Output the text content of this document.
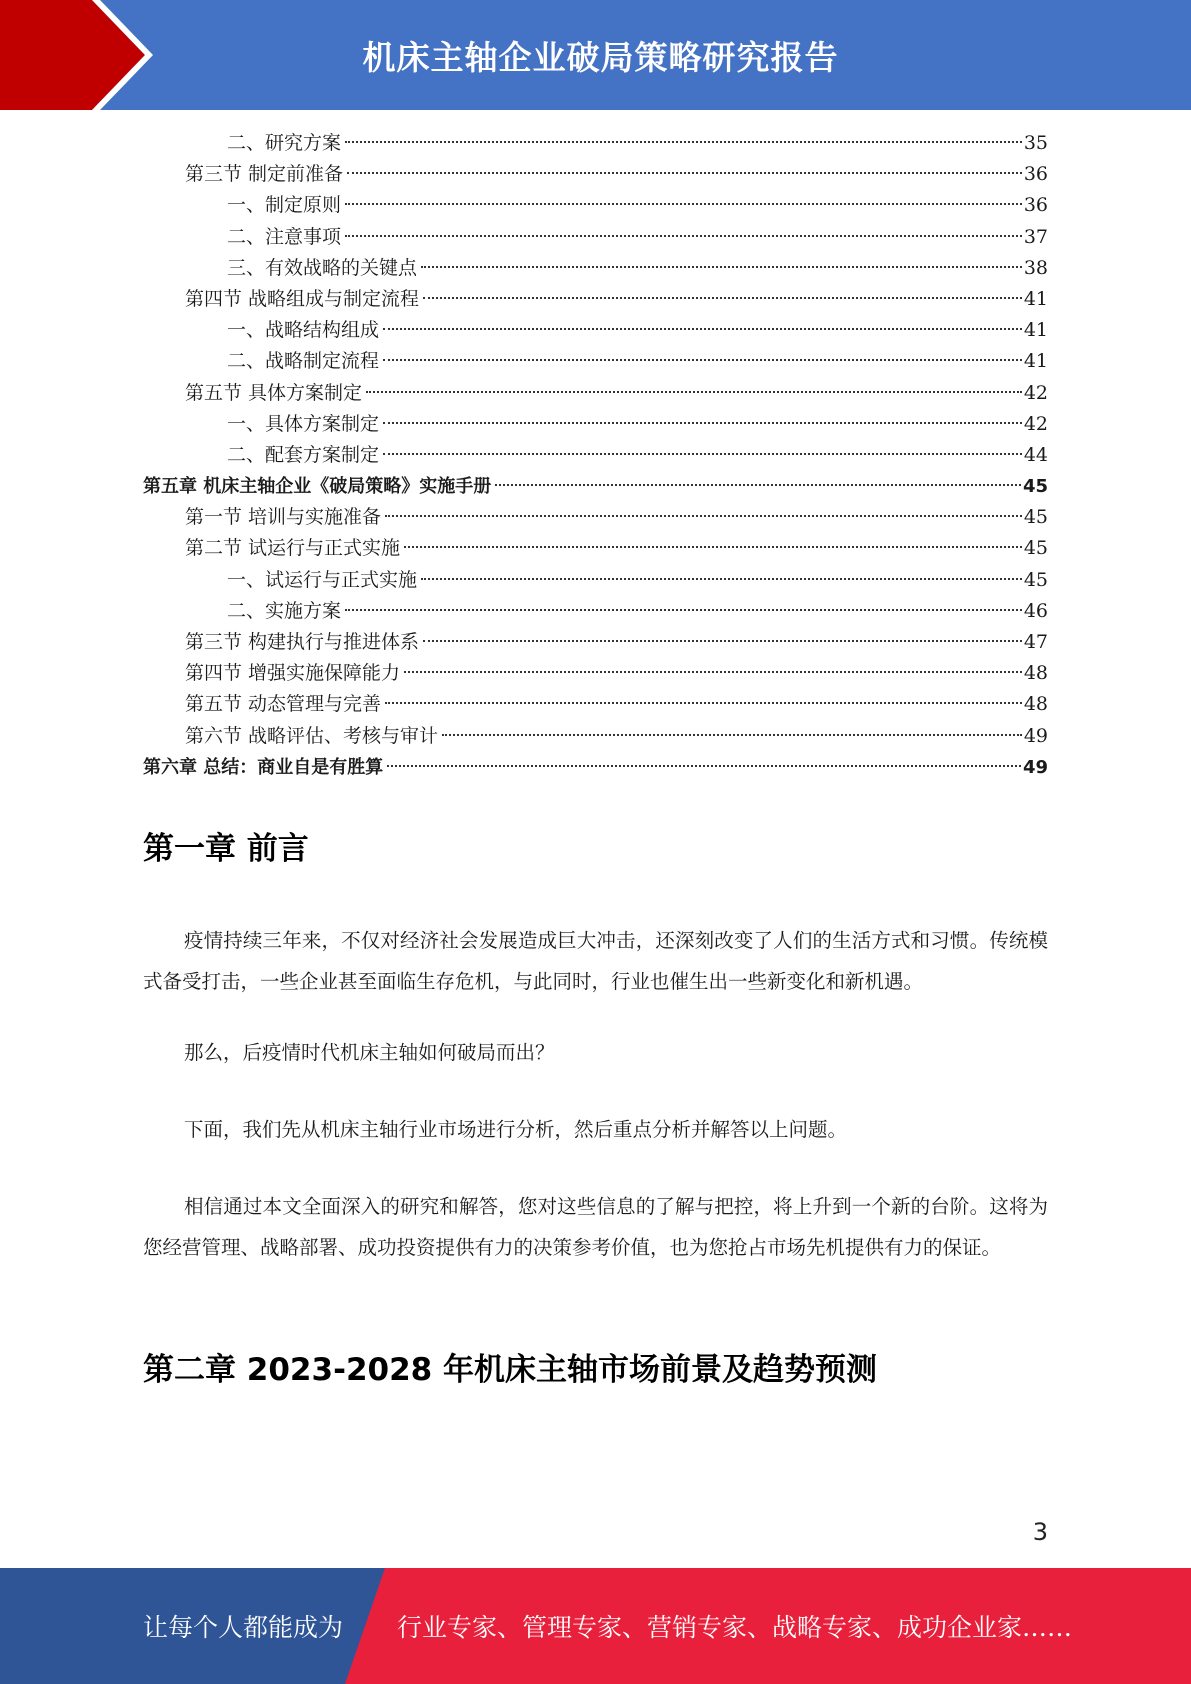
机床主轴企业破局策略研究报告
二、研究方案	35
第三节 制定前准备	36
一、制定原则	36
二、注意事项	37
三、有效战略的关键点	38
第四节 战略组成与制定流程	41
一、战略结构组成	41
二、战略制定流程	41
第五节 具体方案制定	42
一、具体方案制定	42
二、配套方案制定	44
第五章 机床主轴企业《破局策略》实施手册	45
第一节 培训与实施准备	45
第二节 试运行与正式实施	45
一、试运行与正式实施	45
二、实施方案	46
第三节 构建执行与推进体系	47
第四节 增强实施保障能力	48
第五节 动态管理与完善	48
第六节 战略评估、考核与审计	49
第六章 总结：商业自是有胜算	49
第一章 前言

疫情持续三年来，不仅对经济社会发展造成巨大冲击，还深刻改变了人们的生活方式和习惯。传统模式备受打击，一些企业甚至面临生存危机，与此同时，行业也催生出一些新变化和新机遇。

那么，后疫情时代机床主轴如何破局而出？

下面，我们先从机床主轴行业市场进行分析，然后重点分析并解答以上问题。

相信通过本文全面深入的研究和解答，您对这些信息的了解与把控，将上升到一个新的台阶。这将为您经营管理、战略部署、成功投资提供有力的决策参考价值，也为您抢占市场先机提供有力的保证。

第二章 2023-2028 年机床主轴市场前景及趋势预测
3
让每个人都能成为 行业专家、管理专家、营销专家、战略专家、成功企业家……
